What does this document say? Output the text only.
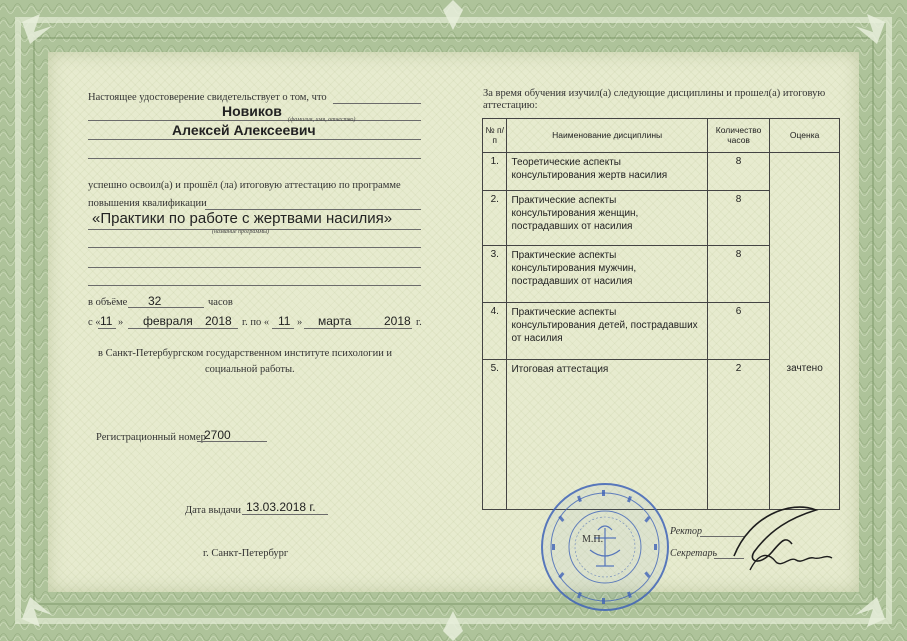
Настоящее удостоверение свидетельствует о том, что
Новиков
(фамилия, имя, отчество)
Алексей Алексеевич
успешно освоил(а) и прошёл (ла) итоговую аттестацию по программе
повышения квалификации
«Практики по работе с жертвами насилия»
(название программы)
в объёме 32	часов
с « 11 » февраля 2018 г. по « 11 » марта	2018 г.
в Санкт-Петербургском государственном институте психологии и
социальной работы.
Регистрационный номер
2700
Дата выдачи 13.03.2018 г.
г. Санкт-Петербург
За время обучения изучил(а) следующие дисциплины и прошел(а) итоговую
аттестацию:
№ п/п	Наименование дисциплины	Количество часов	Оценка
1.	Теоретические аспекты консультирования жертв насилия	8	зачтено

2.	Практические аспекты консультирования женщин, пострадавших от насилия	8	
3.	Практические аспекты консультирования мужчин, пострадавших от насилия	8	
4.	Практические аспекты консультирования детей, пострадавших от насилия	6	
5.	Итоговая аттестация	2	
М.П.
Ректор
Секретарь
